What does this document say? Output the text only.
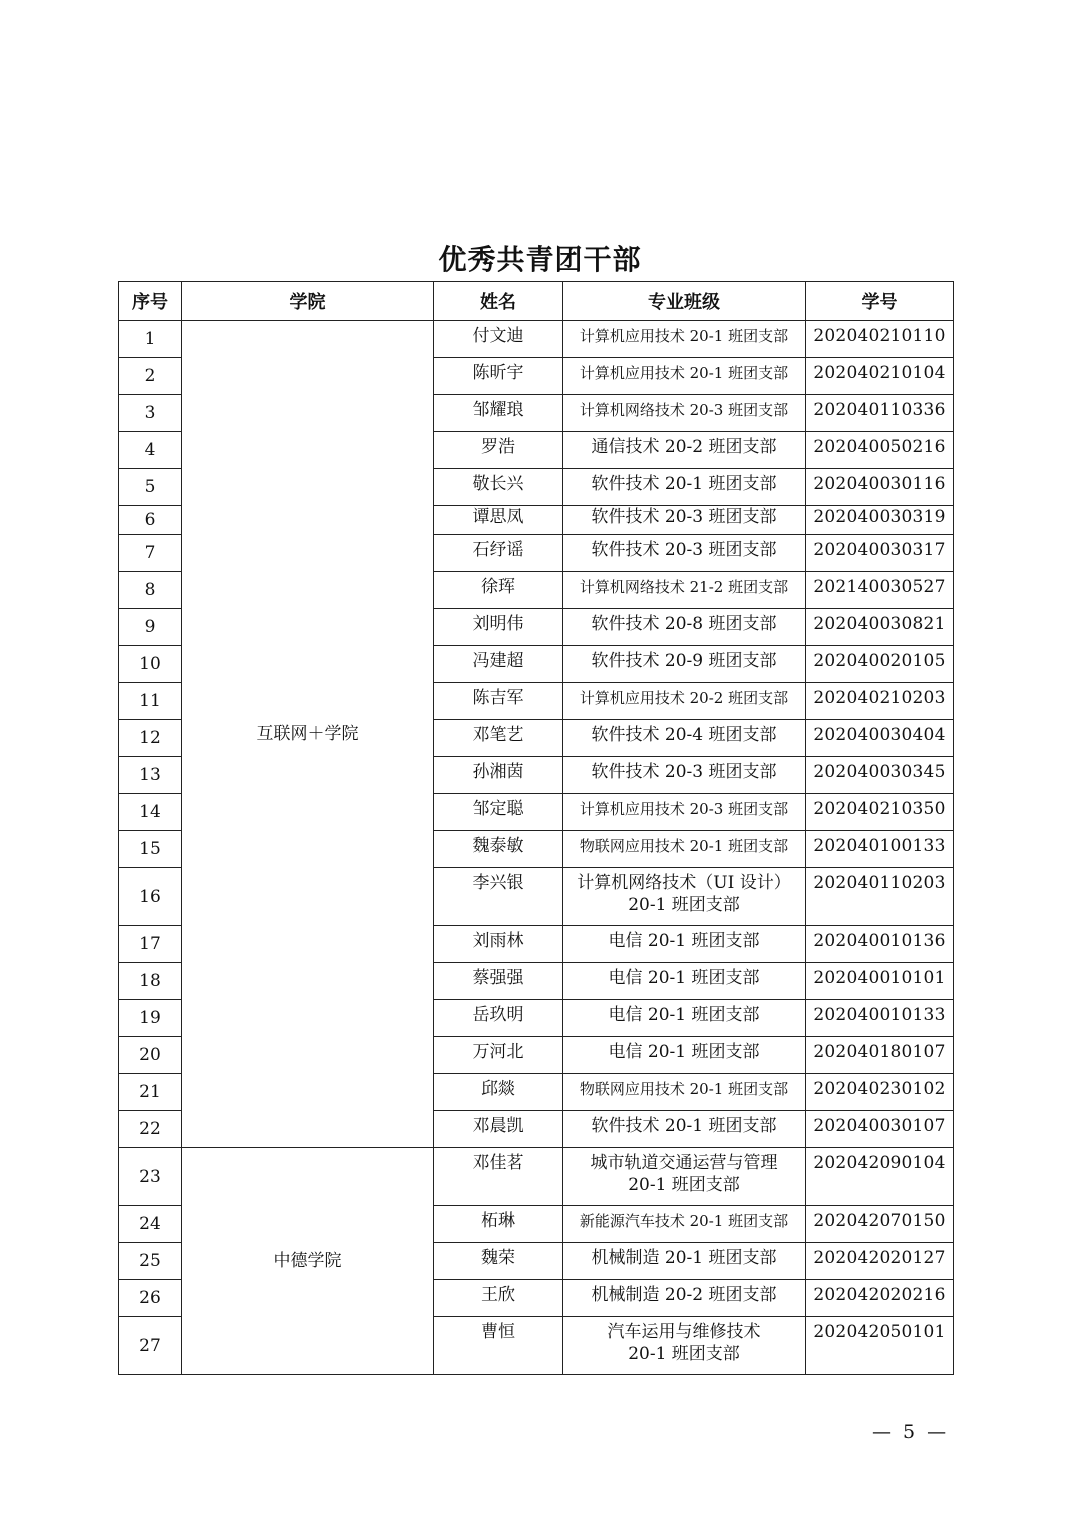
优秀共青团干部
序号	学院	姓名	专业班级	学号
1	互联网＋学院	付文迪	计算机应用技术 20-1 班团支部	202040210110
2		陈昕宇	计算机应用技术 20-1 班团支部	202040210104
3		邹耀琅	计算机网络技术 20-3 班团支部	202040110336
4		罗浩	通信技术 20-2 班团支部	202040050216
5		敬长兴	软件技术 20-1 班团支部	202040030116
6		谭思凤	软件技术 20-3 班团支部	202040030319
7		石纾谣	软件技术 20-3 班团支部	202040030317
8		徐珲	计算机网络技术 21-2 班团支部	202140030527
9		刘明伟	软件技术 20-8 班团支部	202040030821
10		冯建超	软件技术 20-9 班团支部	202040020105
11		陈吉军	计算机应用技术 20-2 班团支部	202040210203
12		邓笔艺	软件技术 20-4 班团支部	202040030404
13		孙湘茵	软件技术 20-3 班团支部	202040030345
14		邹定聪	计算机应用技术 20-3 班团支部	202040210350
15		魏泰敏	物联网应用技术 20-1 班团支部	202040100133
16		李兴银	计算机网络技术（UI 设计）
20-1 班团支部	202040110203
17		刘雨林	电信 20-1 班团支部	202040010136
18		蔡强强	电信 20-1 班团支部	202040010101
19		岳玖明	电信 20-1 班团支部	202040010133
20		万河北	电信 20-1 班团支部	202040180107
21		邱燚	物联网应用技术 20-1 班团支部	202040230102
22		邓晨凯	软件技术 20-1 班团支部	202040030107
23	中德学院	邓佳茗	城市轨道交通运营与管理
20-1 班团支部	202042090104
24		柘琳	新能源汽车技术 20-1 班团支部	202042070150
25		魏荣	机械制造 20-1 班团支部	202042020127
26		王欣	机械制造 20-2 班团支部	202042020216
27		曹恒	汽车运用与维修技术
20-1 班团支部	202042050101
— 5 —
